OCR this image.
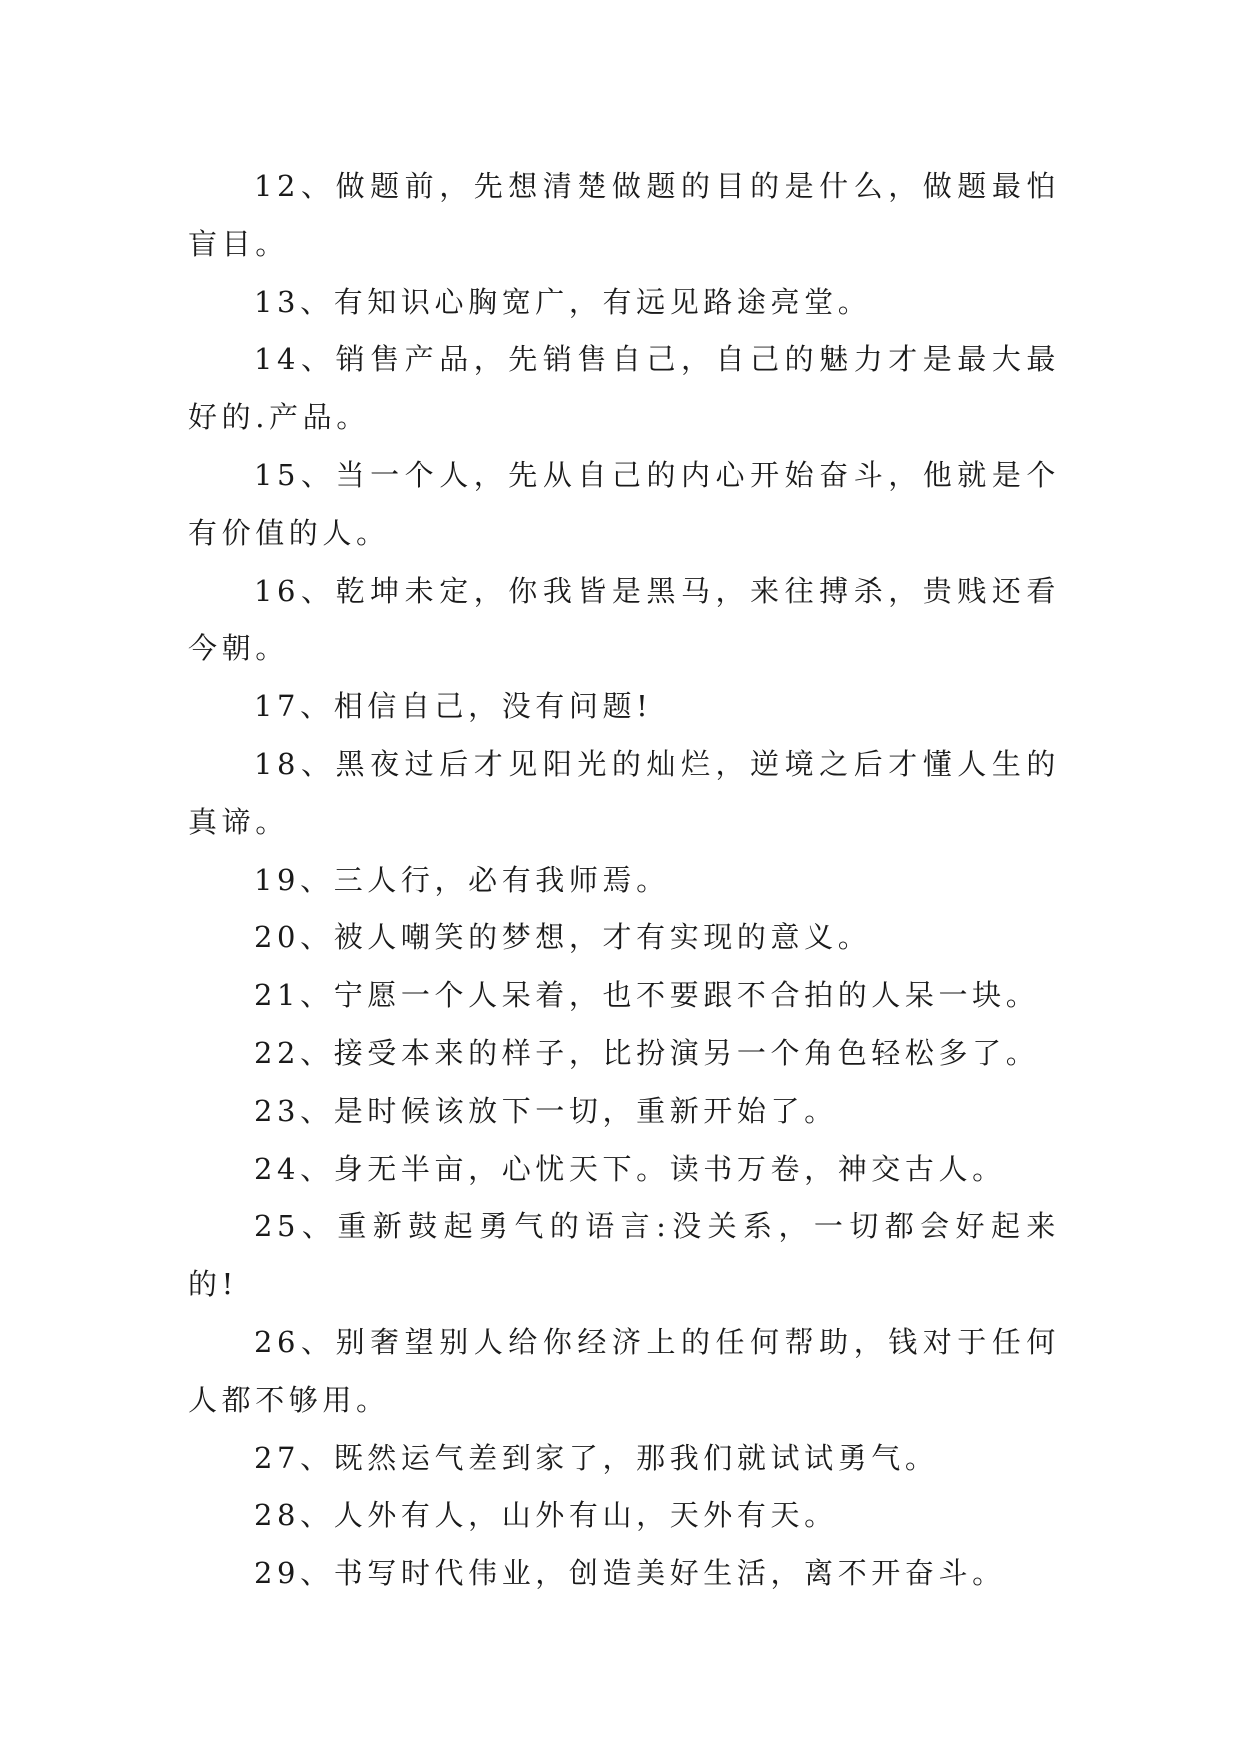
12、做题前，先想清楚做题的目的是什么，做题最怕盲目。

13、有知识心胸宽广，有远见路途亮堂。

14、销售产品，先销售自己，自己的魅力才是最大最好的.产品。

15、当一个人，先从自己的内心开始奋斗，他就是个有价值的人。

16、乾坤未定，你我皆是黑马，来往搏杀，贵贱还看今朝。

17、相信自己，没有问题!

18、黑夜过后才见阳光的灿烂，逆境之后才懂人生的真谛。

19、三人行，必有我师焉。

20、被人嘲笑的梦想，才有实现的意义。

21、宁愿一个人呆着，也不要跟不合拍的人呆一块。

22、接受本来的样子，比扮演另一个角色轻松多了。

23、是时候该放下一切，重新开始了。

24、身无半亩，心忧天下。读书万卷，神交古人。

25、重新鼓起勇气的语言:没关系，一切都会好起来的!

26、别奢望别人给你经济上的任何帮助，钱对于任何人都不够用。

27、既然运气差到家了，那我们就试试勇气。

28、人外有人，山外有山，天外有天。

29、书写时代伟业，创造美好生活，离不开奋斗。
